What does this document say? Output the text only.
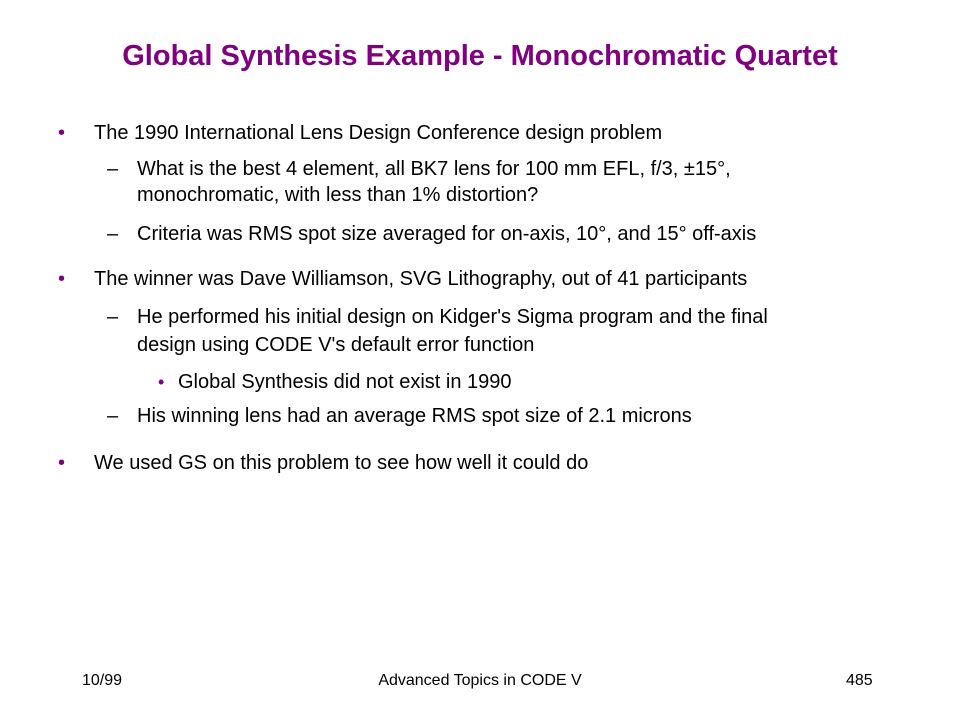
Global Synthesis Example - Monochromatic Quartet
• The 1990 International Lens Design Conference design problem
– What is the best 4 element, all BK7 lens for 100 mm EFL, f/3, ±15°,
monochromatic, with less than 1% distortion?
– Criteria was RMS spot size averaged for on-axis, 10°, and 15° off-axis
• The winner was Dave Williamson, SVG Lithography, out of 41 participants
– He performed his initial design on Kidger's Sigma program and the final
design using CODE V's default error function
• Global Synthesis did not exist in 1990
– His winning lens had an average RMS spot size of 2.1 microns
• We used GS on this problem to see how well it could do
10/99	Advanced Topics in CODE V	485
